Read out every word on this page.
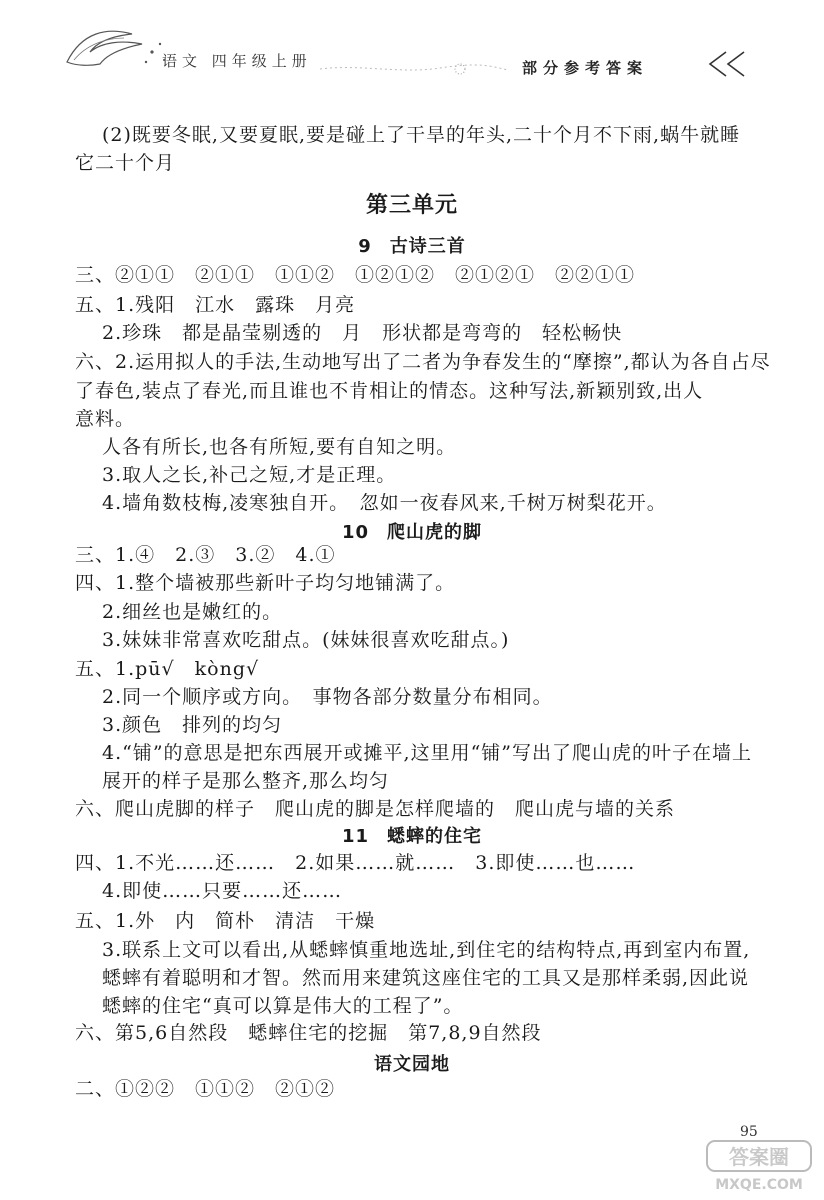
语文 四年级上册	部分参考答案
(2)既要冬眠,又要夏眠,要是碰上了干旱的年头,二十个月不下雨,蜗牛就睡
它二十个月
第三单元
9 古诗三首
三、②①①　②①①　①①②　①②①②　②①②①　②②①①
五、1.残阳　江水　露珠　月亮
2.珍珠　都是晶莹剔透的　月　形状都是弯弯的　轻松畅快
六、2.运用拟人的手法,生动地写出了二者为争春发生的“摩擦”,都认为各自占尽
了春色,装点了春光,而且谁也不肯相让的情态。这种写法,新颖别致,出人
意料。
人各有所长,也各有所短,要有自知之明。
3.取人之长,补己之短,才是正理。
4.墙角数枝梅,凌寒独自开。　忽如一夜春风来,千树万树梨花开。
10 爬山虎的脚
三、1.④　2.③　3.②　4.①
四、1.整个墙被那些新叶子均匀地铺满了。
2.细丝也是嫩红的。
3.妹妹非常喜欢吃甜点。(妹妹很喜欢吃甜点。)
五、1.pū√　kòng√
2.同一个顺序或方向。　事物各部分数量分布相同。
3.颜色　排列的均匀
4.“铺”的意思是把东西展开或摊平,这里用“铺”写出了爬山虎的叶子在墙上
展开的样子是那么整齐,那么均匀
六、爬山虎脚的样子　爬山虎的脚是怎样爬墙的　爬山虎与墙的关系
11 蟋蟀的住宅
四、1.不光……还……　2.如果……就……　3.即使……也……
4.即使……只要……还……
五、1.外　内　简朴　清洁　干燥
3.联系上文可以看出,从蟋蟀慎重地选址,到住宅的结构特点,再到室内布置,
蟋蟀有着聪明和才智。然而用来建筑这座住宅的工具又是那样柔弱,因此说
蟋蟀的住宅“真可以算是伟大的工程了”。
六、第5,6自然段　蟋蟀住宅的挖掘　第7,8,9自然段
语文园地
二、①②②　①①②　②①②
95
答案圈
MXQE.COM
